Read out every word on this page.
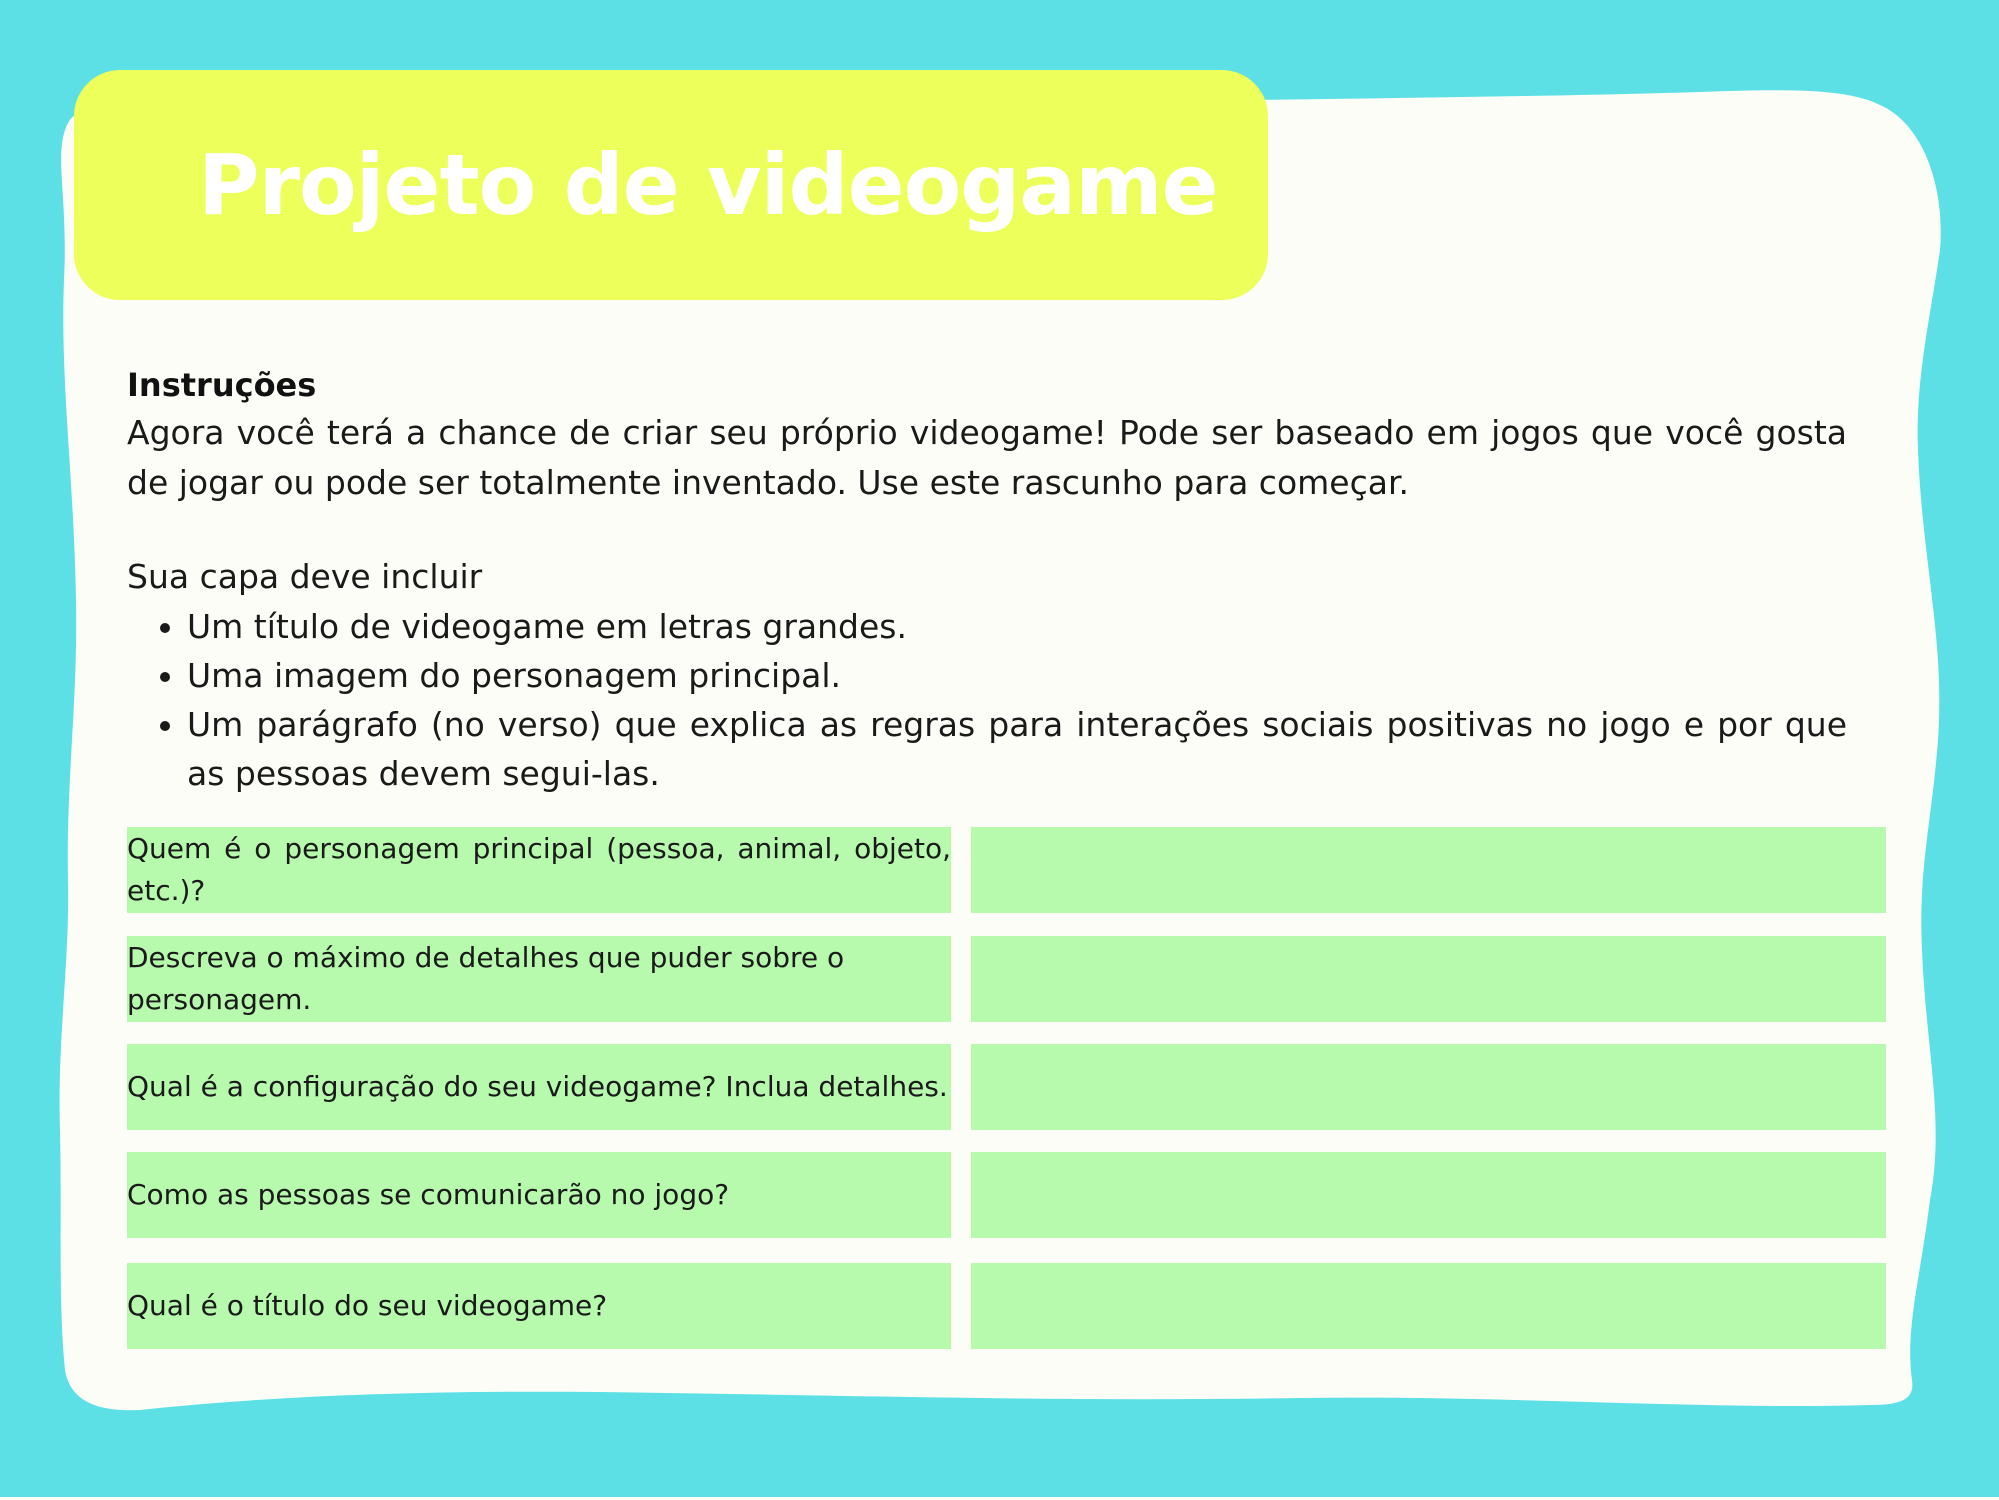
Projeto de videogame

Instruções

Agora você terá a chance de criar seu próprio videogame! Pode ser baseado em jogos que você gosta de jogar ou pode ser totalmente inventado. Use este rascunho para começar.

Sua capa deve incluir

• Um título de videogame em letras grandes.
• Uma imagem do personagem principal.
• Um parágrafo (no verso) que explica as regras para interações sociais positivas no jogo e por que as pessoas devem segui-las.
Quem é o personagem principal (pessoa, animal, objeto, etc.)?
Descreva o máximo de detalhes que puder sobre o personagem.
Qual é a configuração do seu videogame? Inclua detalhes.
Como as pessoas se comunicarão no jogo?
Qual é o título do seu videogame?
